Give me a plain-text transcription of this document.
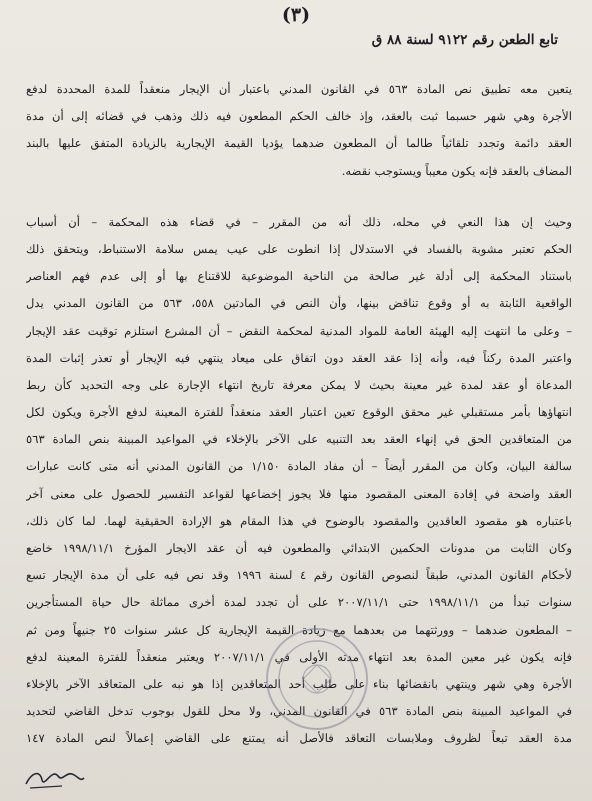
(٣)
تابع الطعن رقم ٩١٢٢ لسنة ٨٨ ق
يتعين معه تطبيق نص المادة ٥٦٣ في القانون المدني باعتبار أن الإيجار منعقداً للمدة المحددة لدفع
الأجرة وهي شهر حسبما ثبت بالعقد، وإذ خالف الحكم المطعون فيه ذلك وذهب في قضائه إلى أن مدة
العقد دائمة وتجدد تلقائياً طالما أن المطعون ضدهما يؤديا القيمة الإيجارية بالزيادة المتفق عليها بالبند
المضاف بالعقد فإنه يكون معيباً ويستوجب نقضه.
وحيث إن هذا النعي في محله، ذلك أنه من المقرر – في قضاء هذه المحكمة – أن أسباب
الحكم تعتبر مشوبة بالفساد في الاستدلال إذا انطوت على عيب يمس سلامة الاستنباط، ويتحقق ذلك
باستناد المحكمة إلى أدلة غير صالحة من الناحية الموضوعية للاقتناع بها أو إلى عدم فهم العناصر
الواقعية الثابتة به أو وقوع تناقض بينها، وأن النص في المادتين ٥٥٨، ٥٦٣ من القانون المدني يدل
– وعلى ما انتهت إليه الهيئة العامة للمواد المدنية لمحكمة النقض – أن المشرع استلزم توقيت عقد الإيجار
واعتبر المدة ركناً فيه، وأنه إذا عقد العقد دون اتفاق على ميعاد ينتهي فيه الإيجار أو تعذر إثبات المدة
المدعاة أو عقد لمدة غير معينة بحيث لا يمكن معرفة تاريخ انتهاء الإجارة على وجه التحديد كأن ربط
انتهاؤها بأمر مستقبلي غير محقق الوقوع تعين اعتبار العقد منعقداً للفترة المعينة لدفع الأجرة ويكون لكل
من المتعاقدين الحق في إنهاء العقد بعد التنبيه على الآخر بالإخلاء في المواعيد المبينة بنص المادة ٥٦٣
سالفة البيان، وكان من المقرر أيضاً – أن مفاد المادة ١/١٥٠ من القانون المدني أنه متى كانت عبارات
العقد واضحة في إفادة المعنى المقصود منها فلا يجوز إخضاعها لقواعد التفسير للحصول على معنى آخر
باعتباره هو مقصود العاقدين والمقصود بالوضوح في هذا المقام هو الإرادة الحقيقية لهما. لما كان ذلك،
وكان الثابت من مدونات الحكمين الابتدائي والمطعون فيه أن عقد الايجار المؤرخ ١٩٩٨/١١/١ خاضع
لأحكام القانون المدني، طبقاً لنصوص القانون رقم ٤ لسنة ١٩٩٦ وقد نص فيه على أن مدة الإيجار تسع
سنوات تبدأ من ١٩٩٨/١١/١ حتى ٢٠٠٧/١١/١ على أن تجدد لمدة أخرى مماثلة حال حياة المستأجرين
– المطعون ضدهما – وورثتهما من بعدهما مع زيادة القيمة الإيجارية كل عشر سنوات ٢٥ جنيهاً ومن ثم
فإنه يكون غير معين المدة بعد انتهاء مدته الأولى في ٢٠٠٧/١١/١ ويعتبر منعقداً للفترة المعينة لدفع
الأجرة وهي شهر وينتهي بانقضائها بناء على طلب أحد المتعاقدين إذا هو نبه على المتعاقد الآخر بالإخلاء
في المواعيد المبينة بنص المادة ٥٦٣ في القانون المدني، ولا محل للقول بوجوب تدخل القاضي لتحديد
مدة العقد تبعاً لظروف وملابسات التعاقد فالأصل أنه يمتنع على القاضي إعمالاً لنص المادة ١٤٧
